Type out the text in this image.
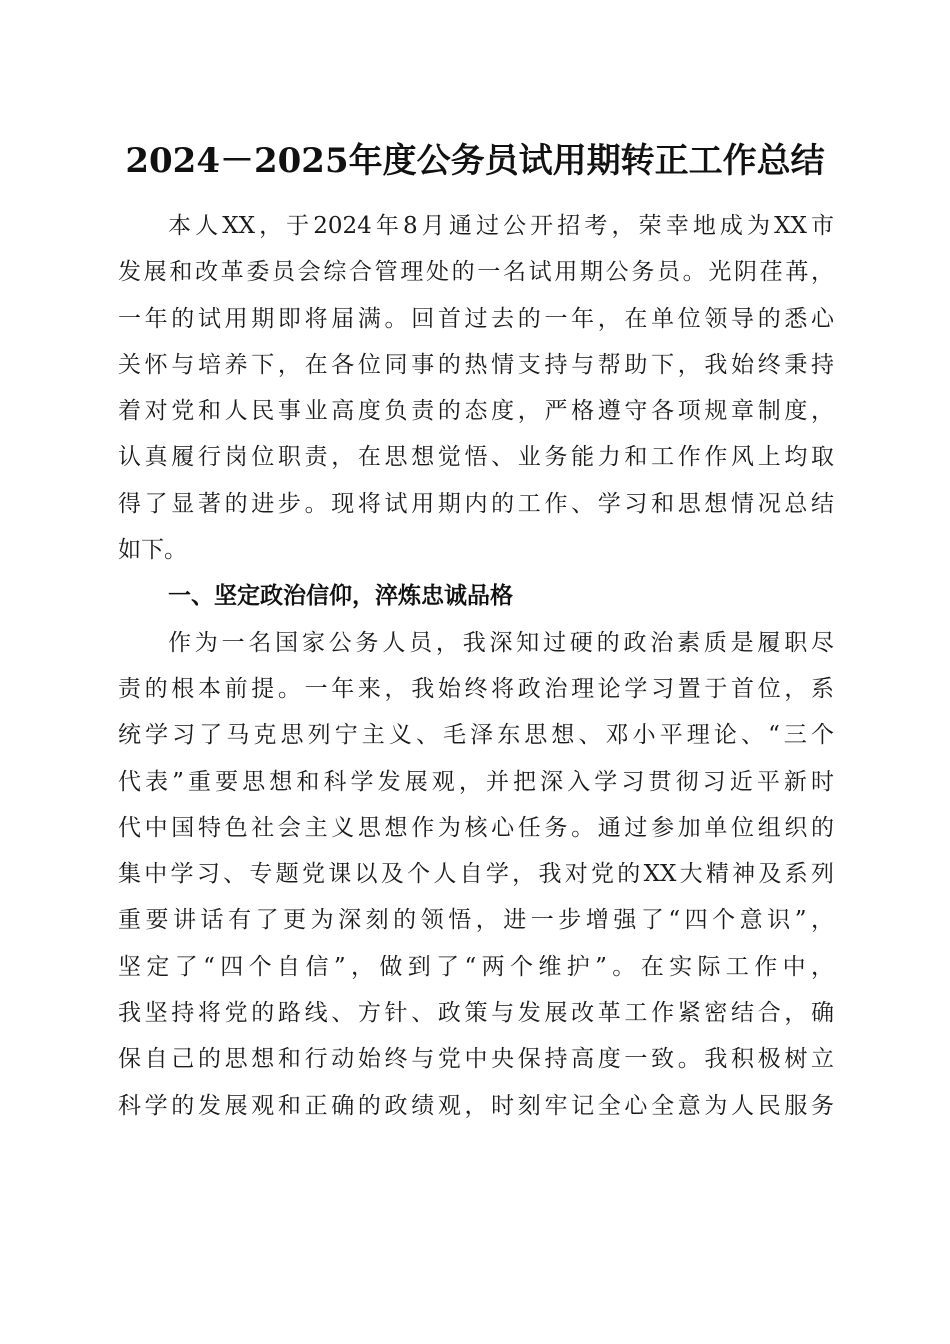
2024－2025年度公务员试用期转正工作总结
本人XX，于2024年8月通过公开招考，荣幸地成为XX市
发展和改革委员会综合管理处的一名试用期公务员。光阴荏苒，
一年的试用期即将届满。回首过去的一年，在单位领导的悉心
关怀与培养下，在各位同事的热情支持与帮助下，我始终秉持
着对党和人民事业高度负责的态度，严格遵守各项规章制度，
认真履行岗位职责，在思想觉悟、业务能力和工作作风上均取
得了显著的进步。现将试用期内的工作、学习和思想情况总结
如下。
一、坚定政治信仰，淬炼忠诚品格
作为一名国家公务人员，我深知过硬的政治素质是履职尽
责的根本前提。一年来，我始终将政治理论学习置于首位，系
统学习了马克思列宁主义、毛泽东思想、邓小平理论、“三个
代表”重要思想和科学发展观，并把深入学习贯彻习近平新时
代中国特色社会主义思想作为核心任务。通过参加单位组织的
集中学习、专题党课以及个人自学，我对党的XX大精神及系列
重要讲话有了更为深刻的领悟，进一步增强了“四个意识”，
坚定了“四个自信”，做到了“两个维护”。在实际工作中，
我坚持将党的路线、方针、政策与发展改革工作紧密结合，确
保自己的思想和行动始终与党中央保持高度一致。我积极树立
科学的发展观和正确的政绩观，时刻牢记全心全意为人民服务
